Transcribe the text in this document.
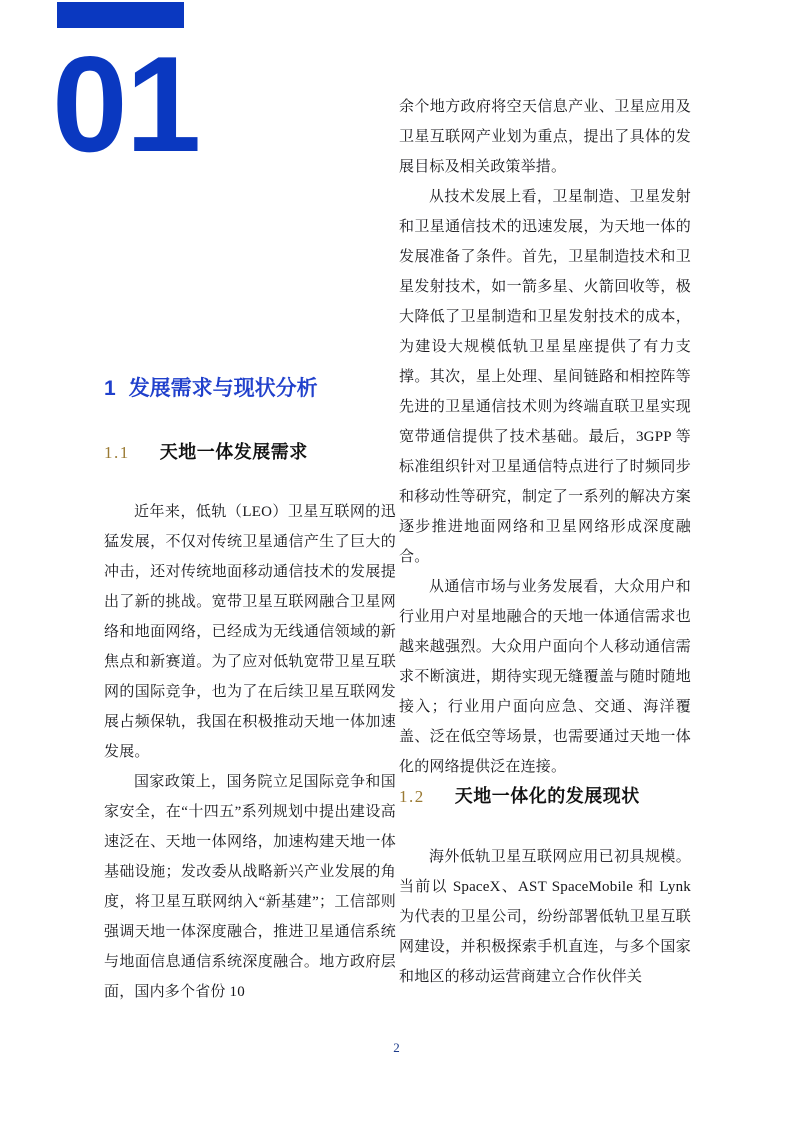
01
1 发展需求与现状分析
1.1 天地一体发展需求

近年来，低轨（LEO）卫星互联网的迅猛发展，不仅对传统卫星通信产生了巨大的冲击，还对传统地面移动通信技术的发展提出了新的挑战。宽带卫星互联网融合卫星网络和地面网络，已经成为无线通信领域的新焦点和新赛道。为了应对低轨宽带卫星互联网的国际竞争，也为了在后续卫星互联网发展占频保轨，我国在积极推动天地一体加速发展。

国家政策上，国务院立足国际竞争和国家安全，在“十四五”系列规划中提出建设高速泛在、天地一体网络，加速构建天地一体基础设施；发改委从战略新兴产业发展的角度，将卫星互联网纳入“新基建”；工信部则强调天地一体深度融合，推进卫星通信系统与地面信息通信系统深度融合。地方政府层面，国内多个省份 10

余个地方政府将空天信息产业、卫星应用及卫星互联网产业划为重点，提出了具体的发展目标及相关政策举措。

从技术发展上看，卫星制造、卫星发射和卫星通信技术的迅速发展，为天地一体的发展准备了条件。首先，卫星制造技术和卫星发射技术，如一箭多星、火箭回收等，极大降低了卫星制造和卫星发射技术的成本，为建设大规模低轨卫星星座提供了有力支撑。其次，星上处理、星间链路和相控阵等先进的卫星通信技术则为终端直联卫星实现宽带通信提供了技术基础。最后，3GPP 等标准组织针对卫星通信特点进行了时频同步和移动性等研究，制定了一系列的解决方案逐步推进地面网络和卫星网络形成深度融合。

从通信市场与业务发展看，大众用户和行业用户对星地融合的天地一体通信需求也越来越强烈。大众用户面向个人移动通信需求不断演进，期待实现无缝覆盖与随时随地接入；行业用户面向应急、交通、海洋覆盖、泛在低空等场景，也需要通过天地一体化的网络提供泛在连接。

1.2 天地一体化的发展现状

海外低轨卫星互联网应用已初具规模。当前以 SpaceX、AST SpaceMobile 和 Lynk 为代表的卫星公司，纷纷部署低轨卫星互联网建设，并积极探索手机直连，与多个国家和地区的移动运营商建立合作伙伴关

2
